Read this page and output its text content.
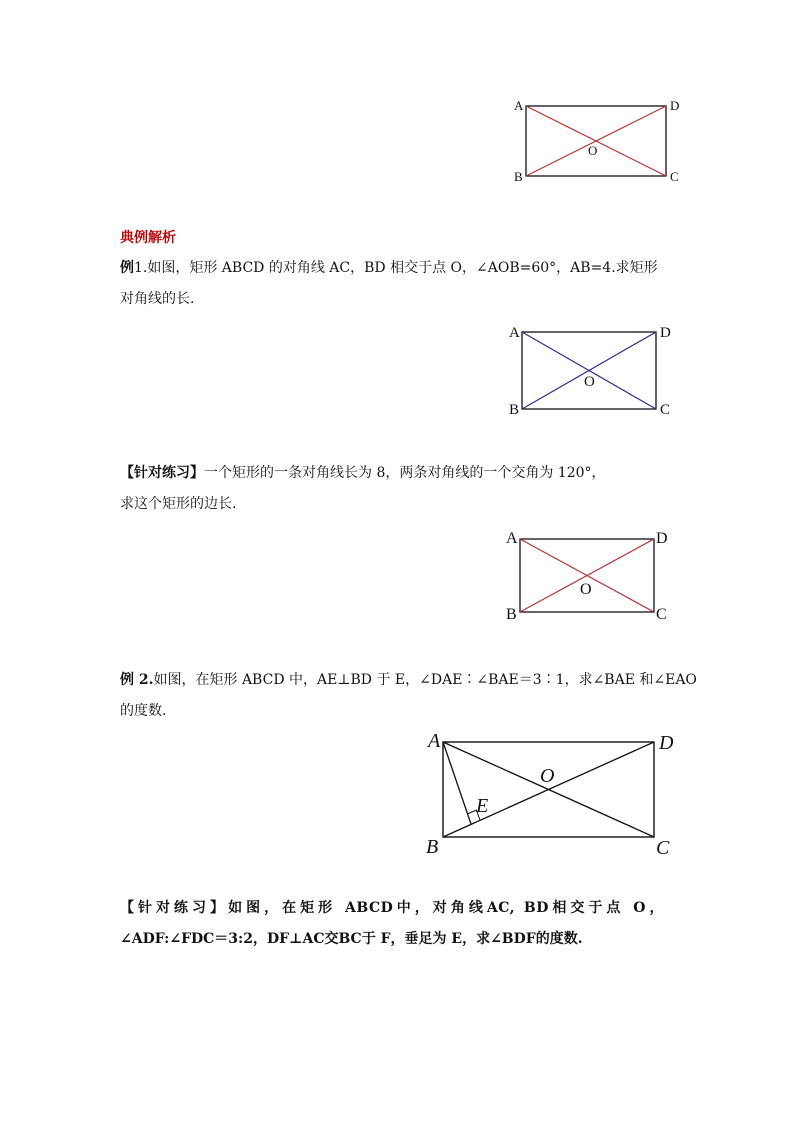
A	D
B	C
O
典例解析
例1.如图，矩形 ABCD 的对角线 AC，BD 相交于点 O，∠AOB=60°，AB=4.求矩形
对角线的长.
A	D
B	C
O
【针对练习】一个矩形的一条对角线长为 8，两条对角线的一个交角为 120°，
求这个矩形的边长.
A	D
B	C
O
例 2.如图，在矩形 ABCD 中，AE⊥BD 于 E，∠DAE∶∠BAE＝3∶1，求∠BAE 和∠EAO
的度数.
A	D
B	C
O
E
【针对练习】如图，在矩形 ABCD中，对角线AC, BD相交于点 O，
∠ADF:∠FDC＝3:2，DF⊥AC交BC于 F，垂足为 E，求∠BDF的度数.
